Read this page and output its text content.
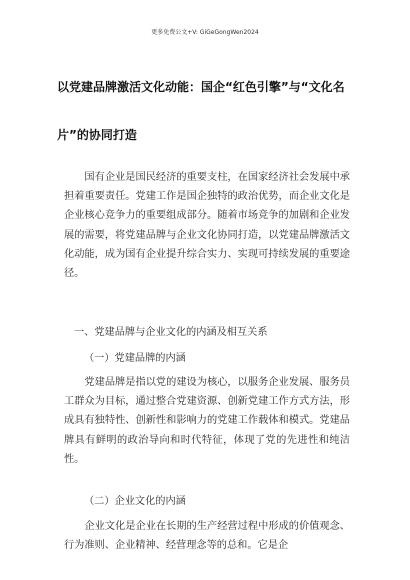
更多免费公文+V: GiGeGongWen2024
以党建品牌激活文化动能：国企“红色引擎”与“文化名
片”的协同打造
国有企业是国民经济的重要支柱，在国家经济社会发展中承担着重要责任。党建工作是国企独特的政治优势，而企业文化是企业核心竞争力的重要组成部分。随着市场竞争的加剧和企业发展的需要，将党建品牌与企业文化协同打造，以党建品牌激活文化动能，成为国有企业提升综合实力、实现可持续发展的重要途径。
一、党建品牌与企业文化的内涵及相互关系
（一）党建品牌的内涵
党建品牌是指以党的建设为核心，以服务企业发展、服务员工群众为目标，通过整合党建资源、创新党建工作方式方法，形成具有独特性、创新性和影响力的党建工作载体和模式。党建品牌具有鲜明的政治导向和时代特征，体现了党的先进性和纯洁性。
（二）企业文化的内涵
企业文化是企业在长期的生产经营过程中形成的价值观念、行为准则、企业精神、经营理念等的总和。它是企
